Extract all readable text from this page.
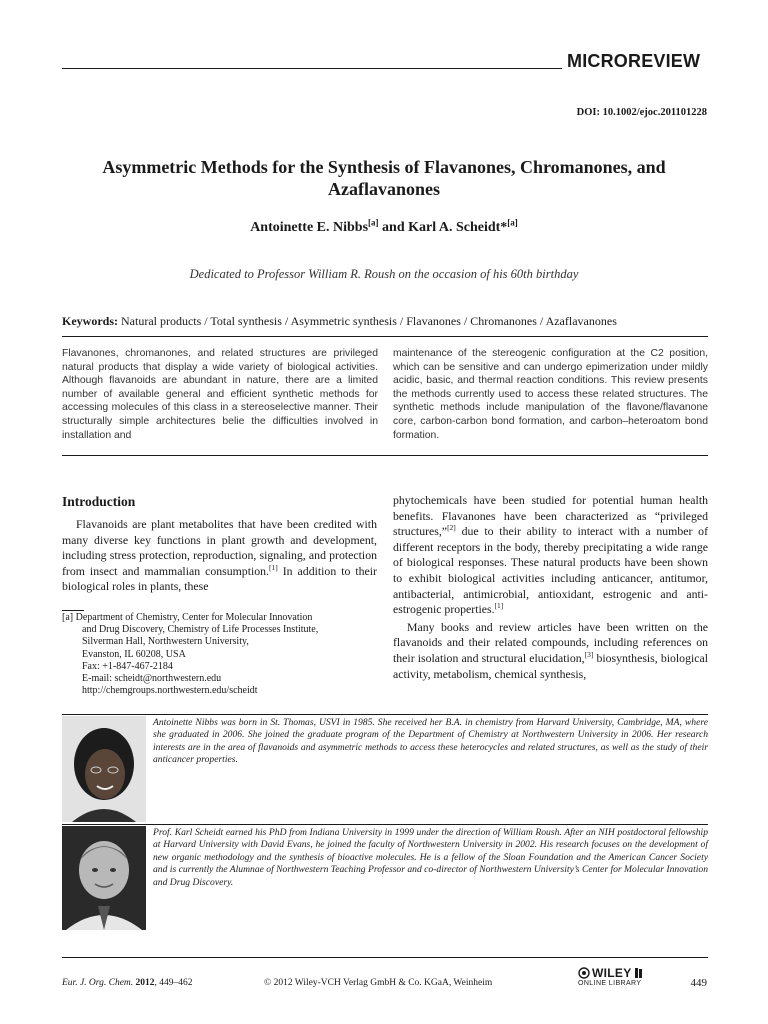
MICROREVIEW
DOI: 10.1002/ejoc.201101228
Asymmetric Methods for the Synthesis of Flavanones, Chromanones, and
Azaflavanones
Antoinette E. Nibbs[a] and Karl A. Scheidt*[a]
Dedicated to Professor William R. Roush on the occasion of his 60th birthday
Keywords: Natural products / Total synthesis / Asymmetric synthesis / Flavanones / Chromanones / Azaflavanones
Flavanones, chromanones, and related structures are privileged natural products that display a wide variety of biological activities. Although flavanoids are abundant in nature, there are a limited number of available general and efficient synthetic methods for accessing molecules of this class in a stereoselective manner. Their structurally simple architectures belie the difficulties involved in installation and
maintenance of the stereogenic configuration at the C2 position, which can be sensitive and can undergo epimerization under mildly acidic, basic, and thermal reaction conditions. This review presents the methods currently used to access these related structures. The synthetic methods include manipulation of the flavone/flavanone core, carbon-carbon bond formation, and carbon–heteroatom bond formation.
Introduction

Flavanoids are plant metabolites that have been credited with many diverse key functions in plant growth and development, including stress protection, reproduction, signaling, and protection from insect and mammalian consumption.[1] In addition to their biological roles in plants, these

[a] Department of Chemistry, Center for Molecular Innovation
and Drug Discovery, Chemistry of Life Processes Institute,
Silverman Hall, Northwestern University,
Evanston, IL 60208, USA
Fax: +1-847-467-2184
E-mail: scheidt@northwestern.edu
http://chemgroups.northwestern.edu/scheidt

phytochemicals have been studied for potential human health benefits. Flavanones have been characterized as “privileged structures,”[2] due to their ability to interact with a number of different receptors in the body, thereby precipitating a wide range of biological responses. These natural products have been shown to exhibit biological activities including anticancer, antitumor, antibacterial, antimicrobial, antioxidant, estrogenic and anti-estrogenic properties.[1]

Many books and review articles have been written on the flavanoids and their related compounds, including references on their isolation and structural elucidation,[3] biosynthesis, biological activity, metabolism, chemical synthesis,

Antoinette Nibbs was born in St. Thomas, USVI in 1985. She received her B.A. in chemistry from Harvard University, Cambridge, MA, where she graduated in 2006. She joined the graduate program of the Department of Chemistry at Northwestern University in 2006. Her research interests are in the area of flavanoids and asymmetric methods to access these heterocycles and related structures, as well as the study of their anticancer properties.
Prof. Karl Scheidt earned his PhD from Indiana University in 1999 under the direction of William Roush. After an NIH postdoctoral fellowship at Harvard University with David Evans, he joined the faculty of Northwestern University in 2002. His research focuses on the development of new organic methodology and the synthesis of bioactive molecules. He is a fellow of the Sloan Foundation and the American Cancer Society and is currently the Alumnae of Northwestern Teaching Professor and co-director of Northwestern University’s Center for Molecular Innovation and Drug Discovery.
Eur. J. Org. Chem. 2012, 449–462	© 2012 Wiley-VCH Verlag GmbH & Co. KGaA, Weinheim
WILEY
ONLINE LIBRARY	449
